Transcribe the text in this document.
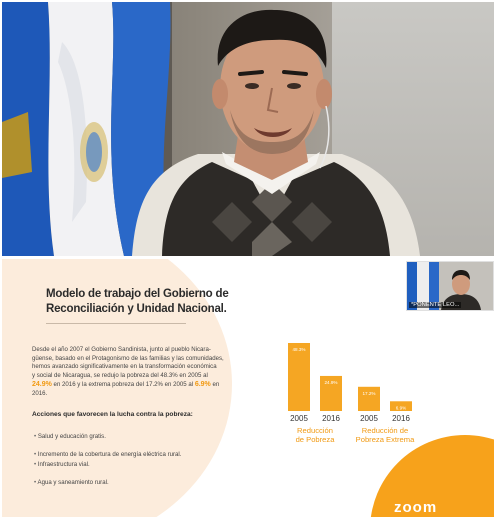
Modelo de trabajo del Gobierno de
Reconciliación y Unidad Nacional.
Desde el año 2007 el Gobierno Sandinista, junto al pueblo Nicara-
güense, basado en el Protagonismo de las familias y las comunidades,
hemos avanzado significativamente en la transformación económica
y social de Nicaragua, se redujo la pobreza del 48.3% en 2005 al
24.9% en 2016 y la extrema pobreza del 17.2% en 2005 al 6.9% en
2016.
Acciones que favorecen la lucha contra la pobreza:
• Salud y educación gratis.
• Incremento de la cobertura de energía eléctrica rural.
• Infraestructura vial.
• Agua y saneamiento rural.
48.3%
2005
24.9%
2016
17.2%
2005
6.9%
2016
Reducción
de Pobreza
Reducción de
Pobreza Extrema
zoom
*PONENTE LEO...
